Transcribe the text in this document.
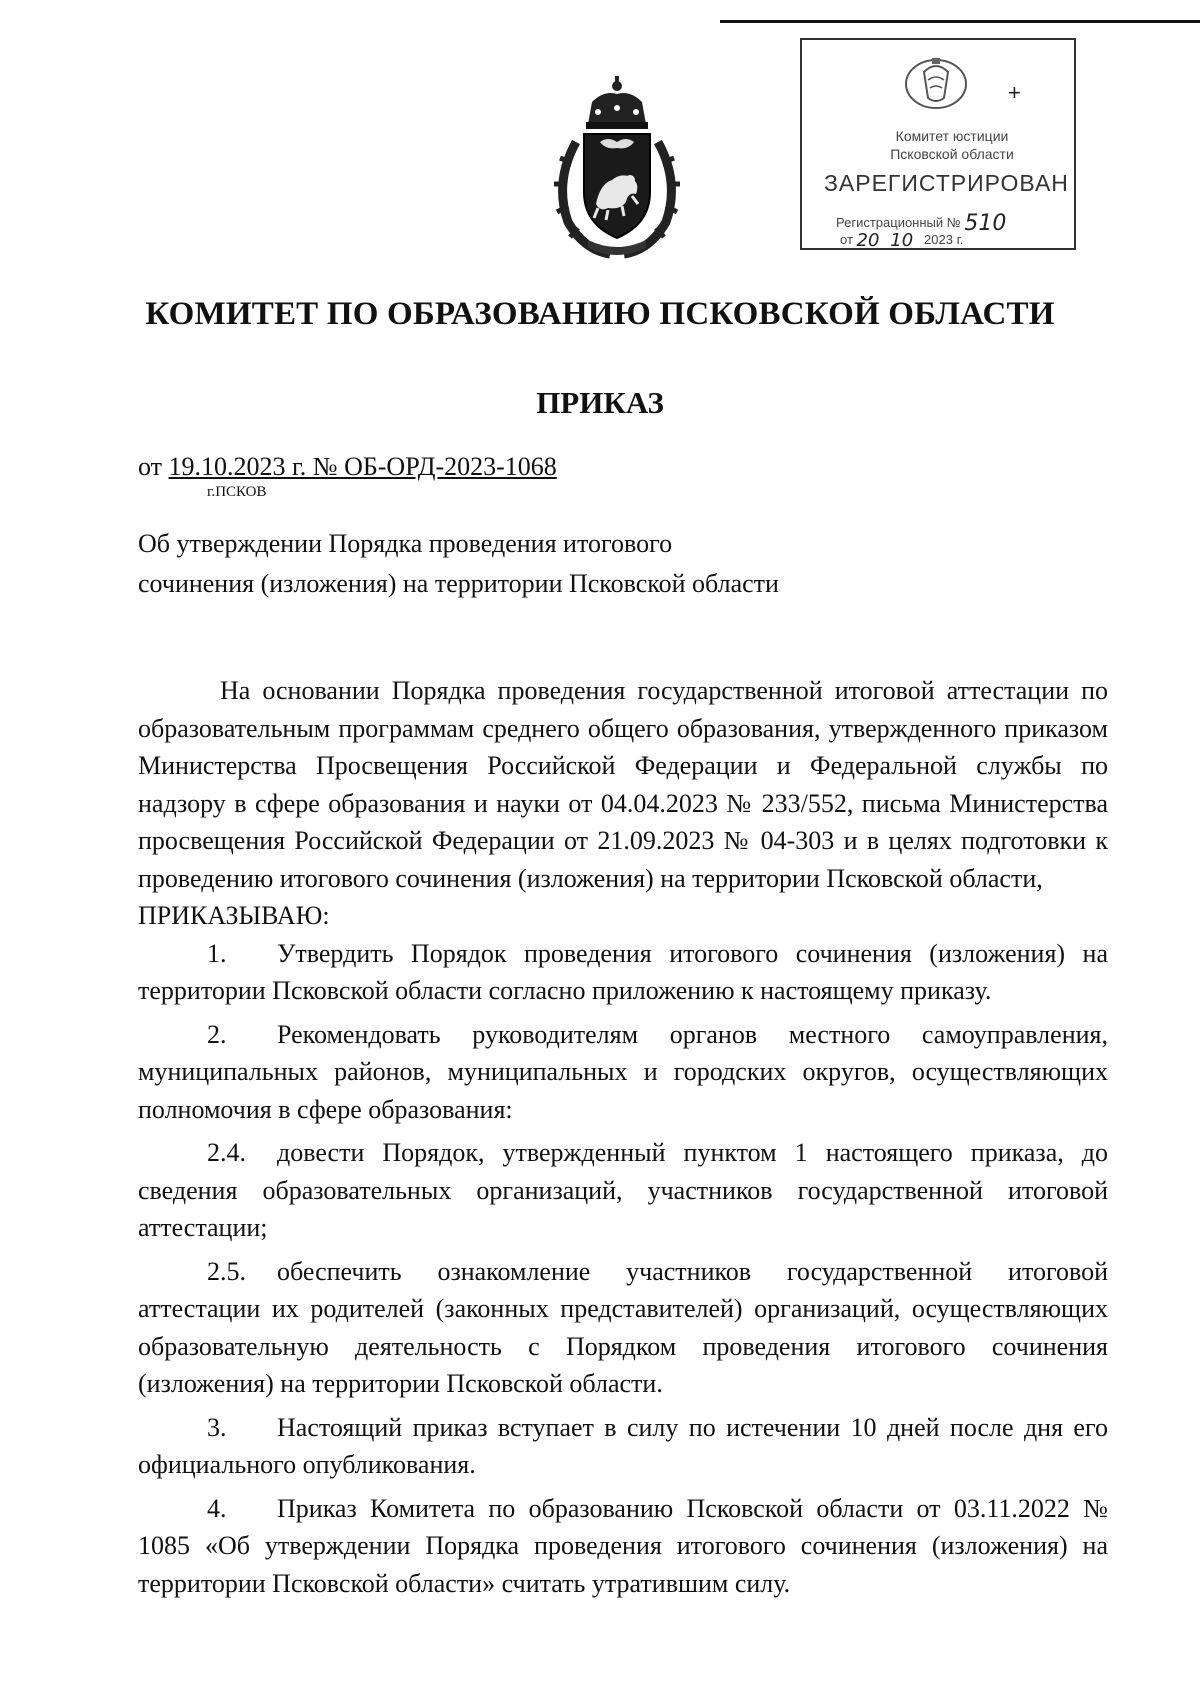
+
Комитет юстиции
Псковской области
ЗАРЕГИСТРИРОВАН
Регистрационный № 510
от 20 10 2023 г.
КОМИТЕТ ПО ОБРАЗОВАНИЮ ПСКОВСКОЙ ОБЛАСТИ
ПРИКАЗ
от 19.10.2023 г. № ОБ-ОРД-2023-1068
г.ПСКОВ
Об утверждении Порядка проведения итогового
сочинения (изложения) на территории Псковской области

На основании Порядка проведения государственной итоговой аттестации по образовательным программам среднего общего образования, утвержденного приказом Министерства Просвещения Российской Федерации и Федеральной службы по надзору в сфере образования и науки от 04.04.2023 № 233/552, письма Министерства просвещения Российской Федерации от 21.09.2023 № 04-303 и в целях подготовки к проведению итогового сочинения (изложения) на территории Псковской области,

ПРИКАЗЫВАЮ:

1. Утвердить Порядок проведения итогового сочинения (изложения) на территории Псковской области согласно приложению к настоящему приказу.

2. Рекомендовать руководителям органов местного самоуправления, муниципальных районов, муниципальных и городских округов, осуществляющих полномочия в сфере образования:

2.4. довести Порядок, утвержденный пунктом 1 настоящего приказа, до сведения образовательных организаций, участников государственной итоговой аттестации;

2.5. обеспечить ознакомление участников государственной итоговой аттестации их родителей (законных представителей) организаций, осуществляющих образовательную деятельность с Порядком проведения итогового сочинения (изложения) на территории Псковской области.

3. Настоящий приказ вступает в силу по истечении 10 дней после дня его официального опубликования.

4. Приказ Комитета по образованию Псковской области от 03.11.2022 № 1085 «Об утверждении Порядка проведения итогового сочинения (изложения) на территории Псковской области» считать утратившим силу.
